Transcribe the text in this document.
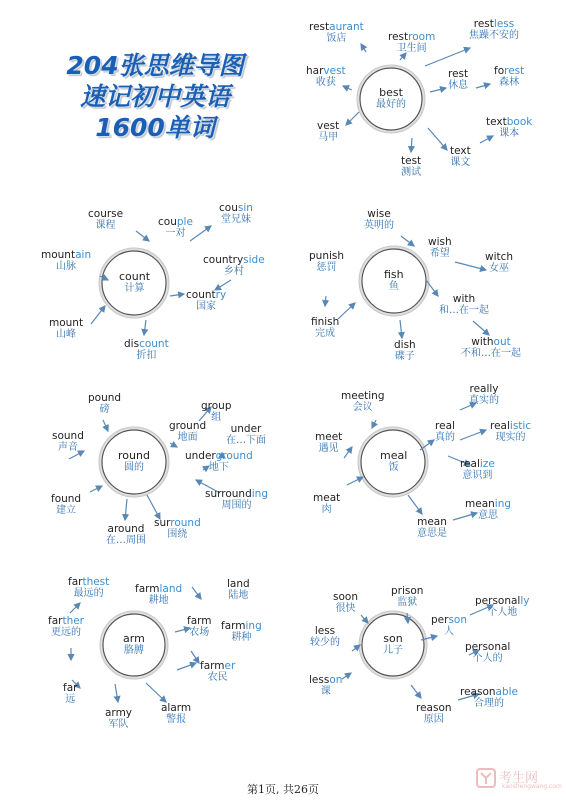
204张思维导图
速记初中英语
1600单词
best
最好的
restaurant
饭店	restroom
卫生间
restless
焦躁不安的
harvest
收获
rest
休息
forest
森林
vest
马甲
textbook
课本
text
课文
test
测试
count
计算
course
课程	couple
一对
cousin
堂兄妹
mountain
山脉
countryside
乡村
country
国家
mount
山峰
discount
折扣
fish
鱼
wise
英明的
wish
希望
punish
惩罚
witch
女巫
with
和…在一起
finish
完成
dish
碟子
without
不和…在一起
round
圆的
pound
磅	group
组
ground
地面
under
在…下面
sound
声音
underground
地下
surrounding
周围的
found
建立
surround
围绕
around
在…周围
meal
饭
meeting
会议
really
真实的
meet
遇见
real
真的
realistic
现实的
realize
意识到
meat
肉	meaning
意思
mean
意思是
arm
胳膊
farthest
最远的	farmland
耕地
land
陆地
farther
更远的
farm
农场
farming
耕种
farmer
农民
far
远
army
军队
alarm
警报
son
儿子
soon
很快
prison
监狱	personally
个人地
less
较少的
person
人
personal
个人的
lesson
课	reasonable
合理的
reason
原因
第1页, 共26页
考生网
kaoshengwang.com
